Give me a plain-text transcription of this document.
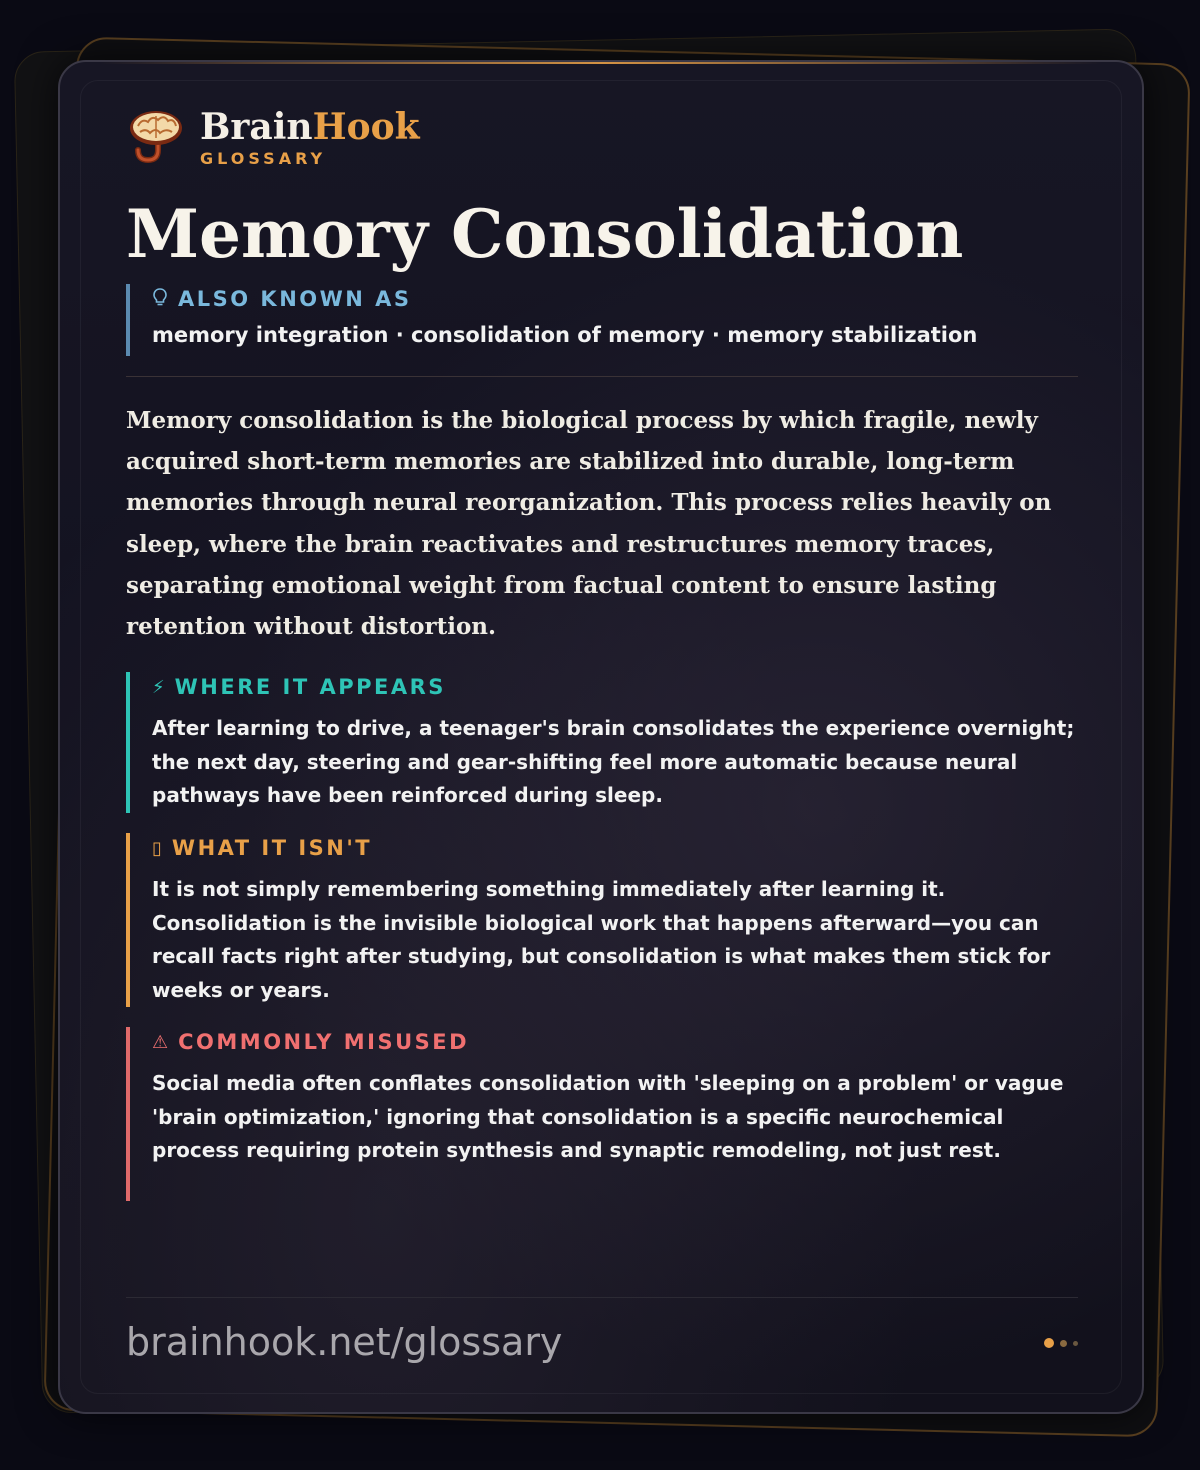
BrainHook
GLOSSARY
Memory Consolidation
ALSO KNOWN AS
memory integration · consolidation of memory · memory stabilization
Memory consolidation is the biological process by which fragile, newly acquired short-term memories are stabilized into durable, long-term memories through neural reorganization. This process relies heavily on sleep, where the brain reactivates and restructures memory traces, separating emotional weight from factual content to ensure lasting retention without distortion.
⚡ WHERE IT APPEARS
After learning to drive, a teenager's brain consolidates the experience overnight; the next day, steering and gear-shifting feel more automatic because neural pathways have been reinforced during sleep.
▯ WHAT IT ISN'T
It is not simply remembering something immediately after learning it. Consolidation is the invisible biological work that happens afterward—you can recall facts right after studying, but consolidation is what makes them stick for weeks or years.
⚠ COMMONLY MISUSED
Social media often conflates consolidation with 'sleeping on a problem' or vague 'brain optimization,' ignoring that consolidation is a specific neurochemical process requiring protein synthesis and synaptic remodeling, not just rest.
brainhook.net/glossary
